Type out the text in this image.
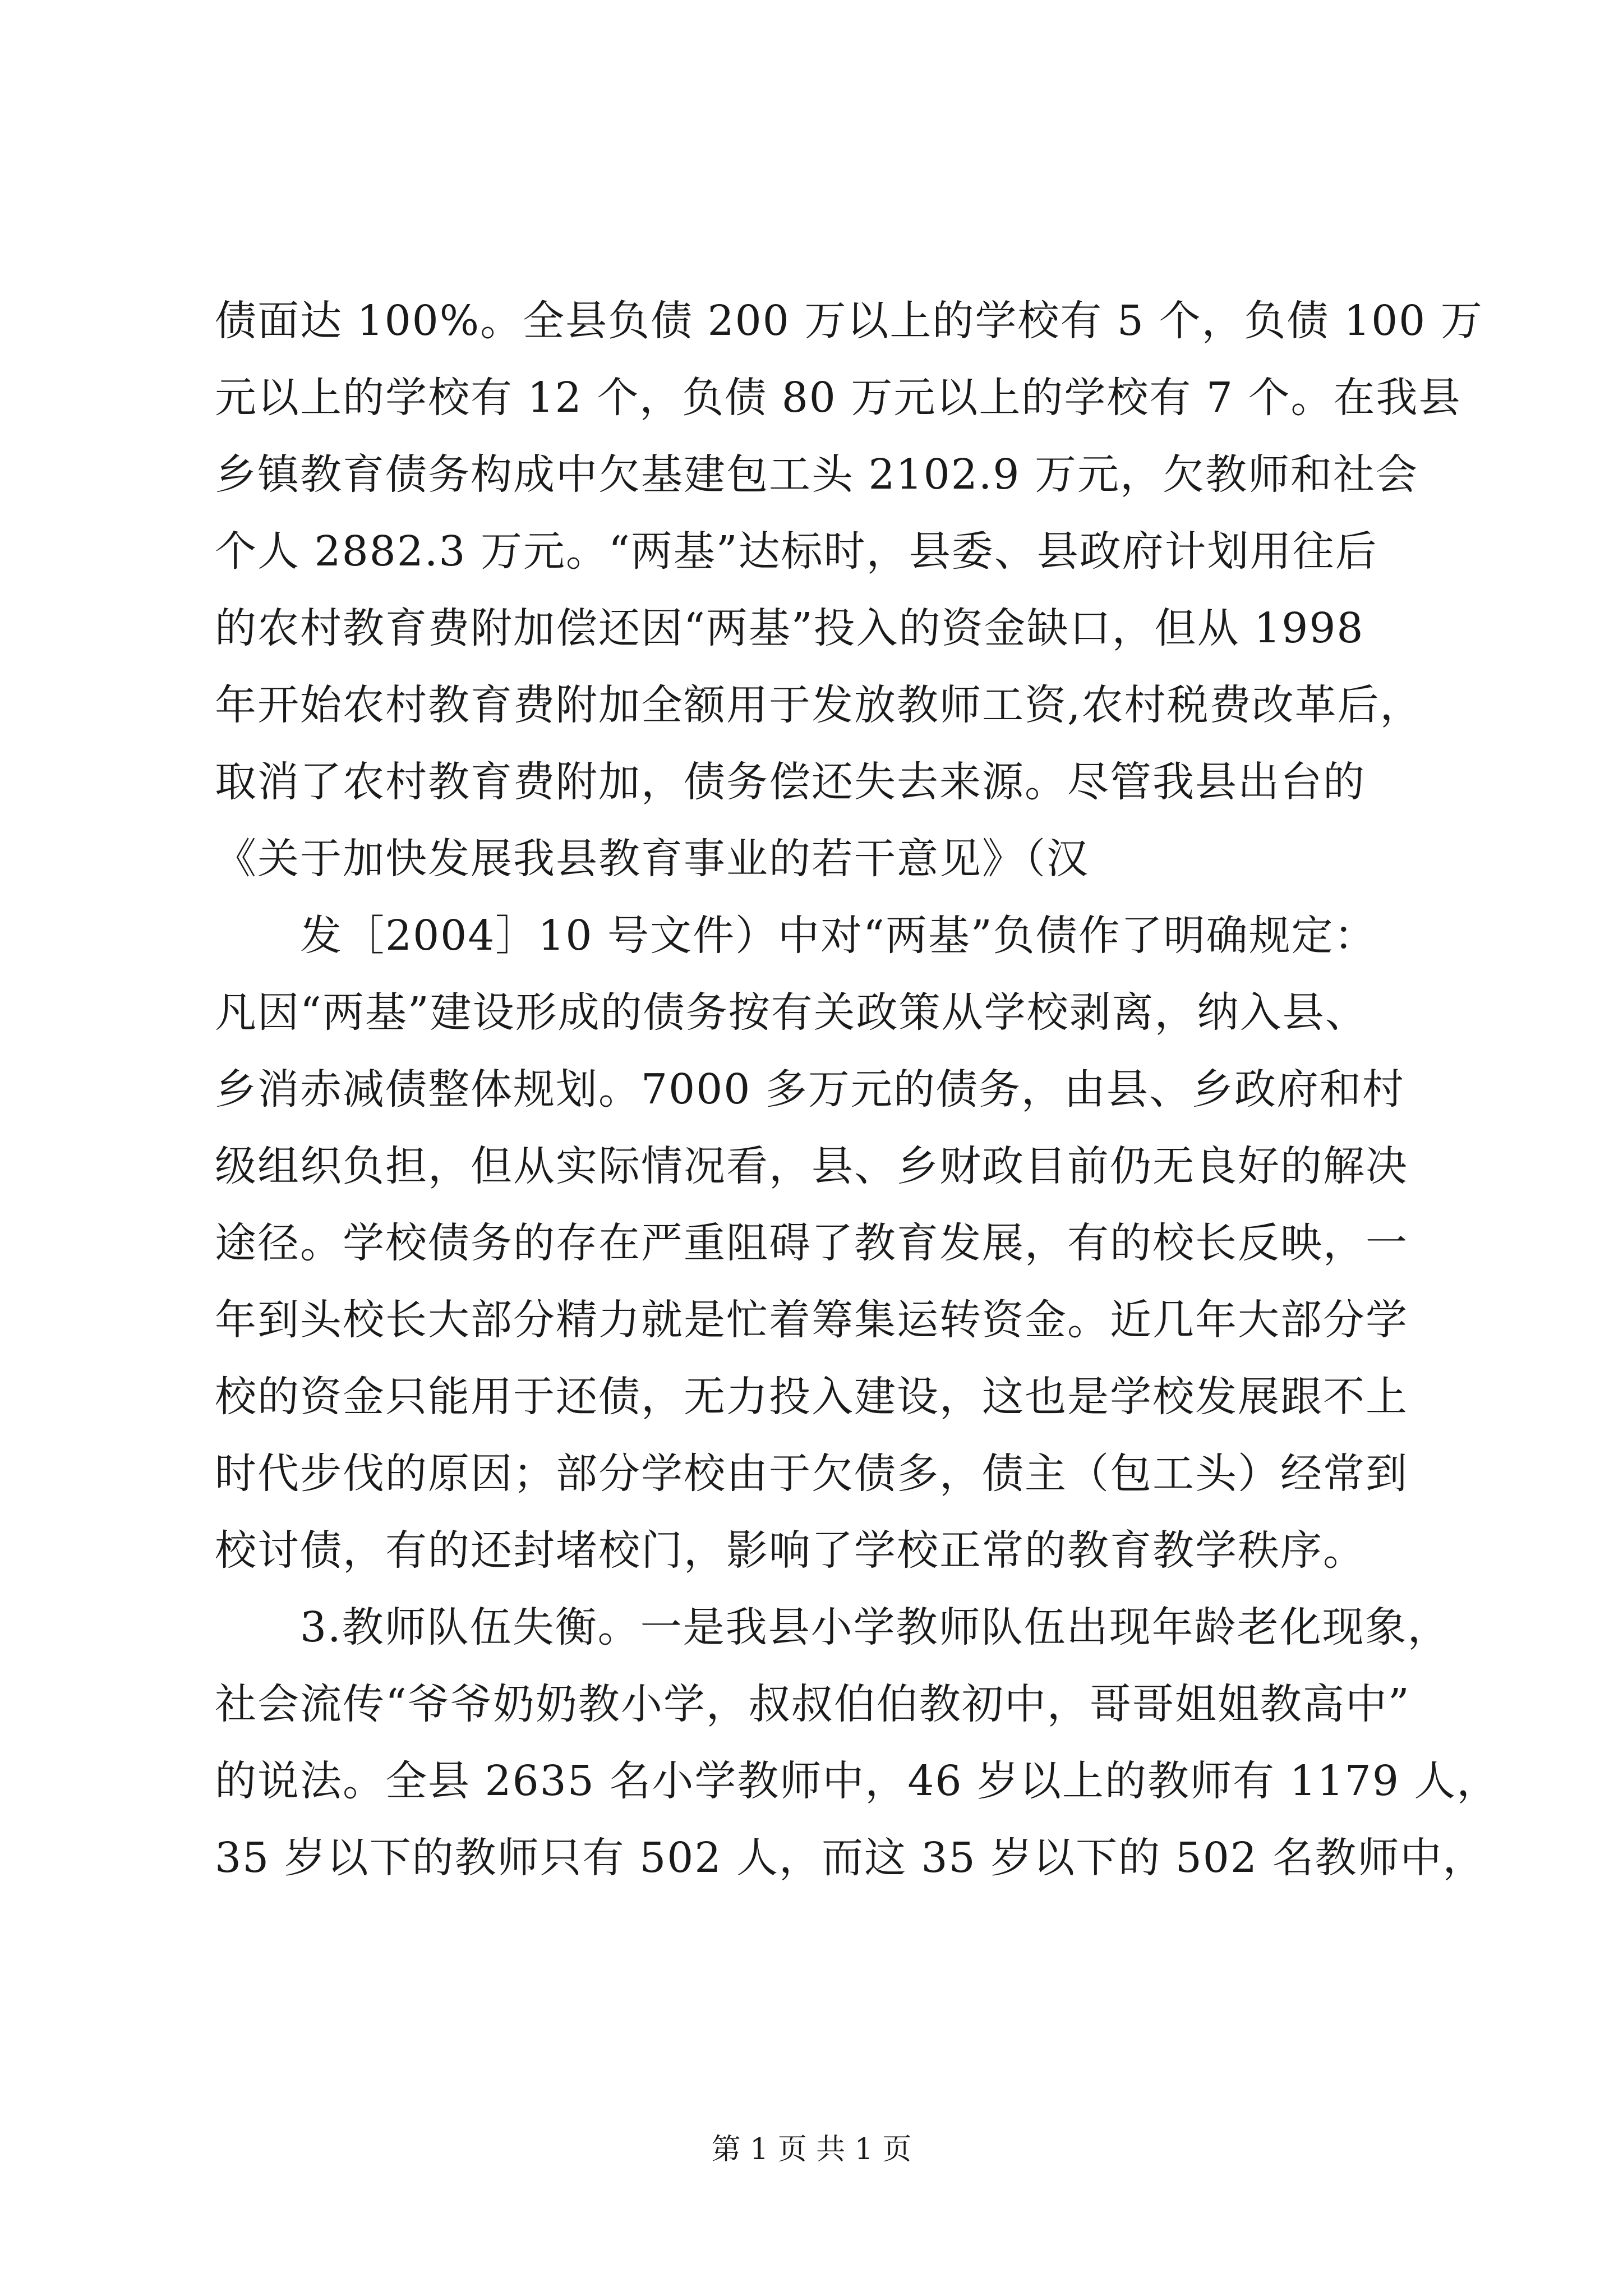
债面达 100%。全县负债 200 万以上的学校有 5 个，负债 100 万
元以上的学校有 12 个，负债 80 万元以上的学校有 7 个。在我县
乡镇教育债务构成中欠基建包工头 2102.9 万元，欠教师和社会
个人 2882.3 万元。“两基”达标时，县委、县政府计划用往后
的农村教育费附加偿还因“两基”投入的资金缺口，但从 1998
年开始农村教育费附加全额用于发放教师工资,农村税费改革后，
取消了农村教育费附加，债务偿还失去来源。尽管我县出台的
《关于加快发展我县教育事业的若干意见》（汉
发［2004］10 号文件）中对“两基”负债作了明确规定：
凡因“两基”建设形成的债务按有关政策从学校剥离，纳入县、
乡消赤减债整体规划。7000 多万元的债务，由县、乡政府和村
级组织负担，但从实际情况看，县、乡财政目前仍无良好的解决
途径。学校债务的存在严重阻碍了教育发展，有的校长反映，一
年到头校长大部分精力就是忙着筹集运转资金。近几年大部分学
校的资金只能用于还债，无力投入建设，这也是学校发展跟不上
时代步伐的原因；部分学校由于欠债多，债主（包工头）经常到
校讨债，有的还封堵校门，影响了学校正常的教育教学秩序。
3.教师队伍失衡。一是我县小学教师队伍出现年龄老化现象，
社会流传“爷爷奶奶教小学，叔叔伯伯教初中，哥哥姐姐教高中”
的说法。全县 2635 名小学教师中，46 岁以上的教师有 1179 人，
35 岁以下的教师只有 502 人，而这 35 岁以下的 502 名教师中，
第 1 页 共 1 页
